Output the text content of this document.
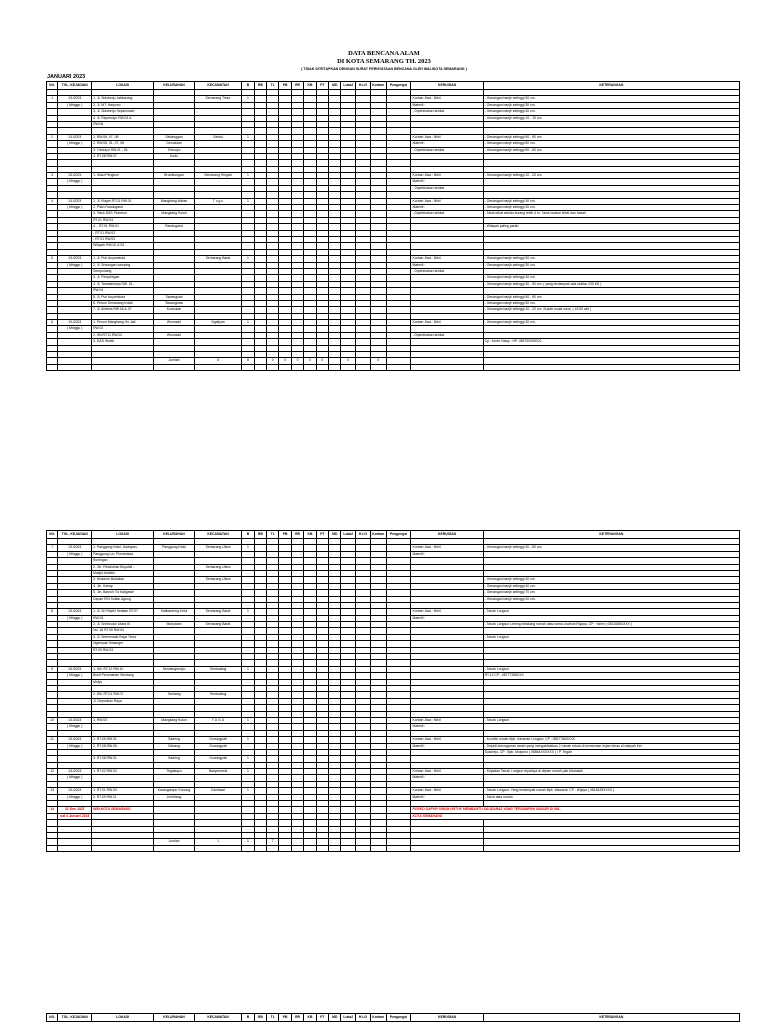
DATA BENCANA ALAM
DI KOTA SEMARANG TH. 2023
( TIDAK DITETAPKAN DENGAN SURAT PERNYATAAN BENCANA OLEH WALIKOTA SEMARANG )
JANUARI 2023
NO.	TGL. KEJADIAN	LOKASI	KELURAHAN	KECAMATAN	B	RB	TL	PB	RR	KB	PT	MD	Luka2	H.LG	Korban	Pengungsi	KERUGIAN	KETERANGAN

1	1/1/2023	1. Jl. Sidoberjo Jatibarang		Semarang Timur	1												Korban Jiwa : Nihil	- Genangan banjir setinggi 30 cm.
	( Minggu )	2. Jl. MT. Haryono															Materiil :	- Genangan banjir setinggi 30 cm.
		3. Jl. Sidoberjo Seyamosari															- Diperkirakan sekitar	- Genangan banjir setinggi 40 cm.
		4. Jl. Rejomulyo RW.03 &																- Genangan banjir setinggi 10 - 15 cm.
		RW.06																

2	1/1/2023	1. RW.06, 07, 08	Sebanggan	Genuk	1												Korban Jiwa : Nihil	- Genangan banjir setinggi 50 - 60 cm.
	( Minggu )	2. RW.05, 01, 07, 08	Genuksari														Materiil :	- Genangan banjir setinggi 60 cm.
		3. Trimulyo RW.01 - 04	Trimulyo														- Diperkirakan sekitar	- Genangan banjir setinggi 50 - 60 cm.
		4. RT.08 RW.07	Kudu															

3	1/1/2023	1. Stasi Pengkon	Brumbungan	Semarang Tengah	1												Korban Jiwa : Nihil	- Genangan banjir setinggi 10 - 20 cm.
	( Minggu )																Materiil :	
																	- Diperkirakan sekitar	

4	1/1/2023	1. Jl. Klajan RT.01 RW.01	Mangkang Wetan	T u g u	1												Korban Jiwa : Nihil	- Genangan banjir setinggi 30 cm.
	( Minggu )	2. Pilan Randugarut															Materiil :	- Genangan banjir setinggi 30 cm.
		3. Taluk DAS Plumbon	Mangkang Kulon														- Diperkirakan sekitar	- Taluk tebal sekitar kurang lebih 4 m. Taluk buatan tebal dan basah
		RT.01 RW.04																
		4. - RT.01 RW.01	Randugarut															- Wilayah paling parah.
		- RT.01 RW.02																
		- RT.01 RW.03																
		Wilayah RW.02 & 03																

5	1/1/2023	1. Jl. Puri Anyamkota		Semarang Barat	1												Korban Jiwa : Nihil	- Genangan banjir setinggi 30 cm.
	( Minggu )	2. Jl. Srisangan samping															Materiil :	- Genangan banjir setinggi 30 cm.
		Semponang															- Diperkirakan sekitar	
		3. Jl. Penjaringan																- Genangan banjir setinggi 40 cm.
		4. Jl. Tambakharjo RW. 01 -																- Genangan banjir setinggi 30 - 50 cm. ( yang terdampak ada sekitar 200 KK )
		RW.04																
		5. Jl. Puri Anyamkota	Tawangsari															- Genangan banjir setinggi 50 - 60 cm.
		6. Perum Semarang Indah	Tawangmas															- Genangan banjir setinggi 30 cm.
		7. Jl. Arteleia RW.06 & 07	Krobokan															- Genangan banjir setinggi 10 - 20 cm. Sudah mulai surut. ( 16.00 wib )

6	1/1/2023	1. Perum Mangkang Gn.Jati	Wonosari	Ngaliyan	1												Korban Jiwa : Nihil	- Genangan banjir setinggi 30 cm.
	( Minggu )	RW.02																
		2. Wil.RT.11 RW.02	Wonosari														- Diperkirakan sekitar	
		3. DAS Wolek																Cp : Achm Nawy : HP. 085700000001

			Jumlah	6	6		0	0	0	0	0		0		0			

NO.	TGL. KEJADIAN	LOKASI	KELURAHAN	KECAMATAN	B	RB	TL	PB	RR	KB	PT	MD	Luka2	H.LG	Korban	Pengungsi	KERUGIAN	KETERANGAN

7	1/1/2023	1. Panggung Kidul, Dadapan,	Panggung Kidul	Semarang Utara	1												Korban Jiwa : Nihil	- Genangan banjir setinggi 30 - 60 cm.
	( Minggu )	Panggung Lor, Plombokan,															Materiil :	
		Kuningan																
		2. Jln. Pelabuhan Boyolali -		Semarang Utara														
		Masjid Amiditu																
		3. Museum Bubakan		Semarang Utara														- Genangan banjir setinggi 40 cm.
		4. Jln. Kakap																- Genangan banjir setinggi 40 cm.
		5. Jln. Basroh Tol Kaligawe																- Genangan banjir setinggi 70 cm.
		Depan RSI Sultan Agung																- Genangan banjir setinggi 40 cm.

8	1/1/2023	1. Jl. Sri Rejeki Selatan RT.07	Kalibanteng Kidul	Semarang Barat	1												Korban Jiwa : Nihil	- Tanah Longsor
	( Minggu )	RW.03															Materiil :	
		2. Jl. Srimbudur Utara III	Manyaran	Semarang Barat														- Tanah Longsor Lereng belakang rumah atas nama Lisdhun Riyaya. CP : Yahm ( 0821086XXXX )
		No. 16 RT.05 RW.04																
		3. Jl. Srimendaki Raya Timur																- Tanah Longsor
		Ngempak Srisanger																
		RT.09 RW.03																

9	1/1/2023	1. Wil. RT.12 RW.10	Sendangmulyo	Tembalang	1													- Tanah Longsor
	( Minggu )	Bukit Perumahan Sendang																RT.12 CP : 08777358XXX
		Mulyo																

		2. Wil. RT.01 RW.07	Tandang	Tembalang														
		Jl. Deporikan Raya																

10	1/1/2023	1. RW.03	Mangkang Kulon	T U G U	1												Korban Jiwa : Nihil	- Tanah Longsor
	( Minggu )																Materiil :	

11	1/1/2023	1. RT.05 RW.01	Sadeng	Gunungpati	1												Korban Jiwa : Nihil	- Kondisi rumah Bpk. Kasianto Longsor. CP : 0857766XXXX
	( Minggu )	2. RT.08 RW.06	Gebang	Gunungpati													Materiil :	- Terjadi kelongsoran tanah yang mengakibatkan 2 rumah rebah di kemeratan hujan deras di wilayah Kel.
																		Sukorejo. CP : Bpk. Mulyono ( 08564XXXXXX ) / P. Tegah
		3. RT.08 RW.01	Sadeng	Gunungpati	1													

12	1/1/2023	1. RT.02 RW.03	Tegalsayu	Banyumanik	1												Korban Jiwa : Nihil	- Kejadian Tanah Longsor tepatnya di depan rumah pak Mamasih
	( Minggu )																Materiil :	

13	1/1/2023	1. RT.01 RW.04	Karanganyar Gunung	Candisari	1												Korban Jiwa : Nihil	- Tanah Longsor. Yang terdampak rumah Bpk. Mawardi. CP : Wijaya ( 0818428XXXX )
	( Minggu )	2. RT.09 RW.11	Jomblang														Materiil :	- Talud atas rumah

14	31 Des 2022	WIN.KOTA SEMARANG															POSKO DAPUR UMUM UNTUK MEMBANTU SAUDARA2 YANG TERDAMPAK BANJIR DI WIL.	
	s/d 4 Januari 2023																KOTA SEMARANG	

			Jumlah	1	1		7											

NO.	TGL. KEJADIAN	LOKASI	KELURAHAN	KECAMATAN	B	RB	TL	PB	RR	KB	PT	MD	Luka2	H.LG	Korban	Pengungsi	KERUGIAN	KETERANGAN
